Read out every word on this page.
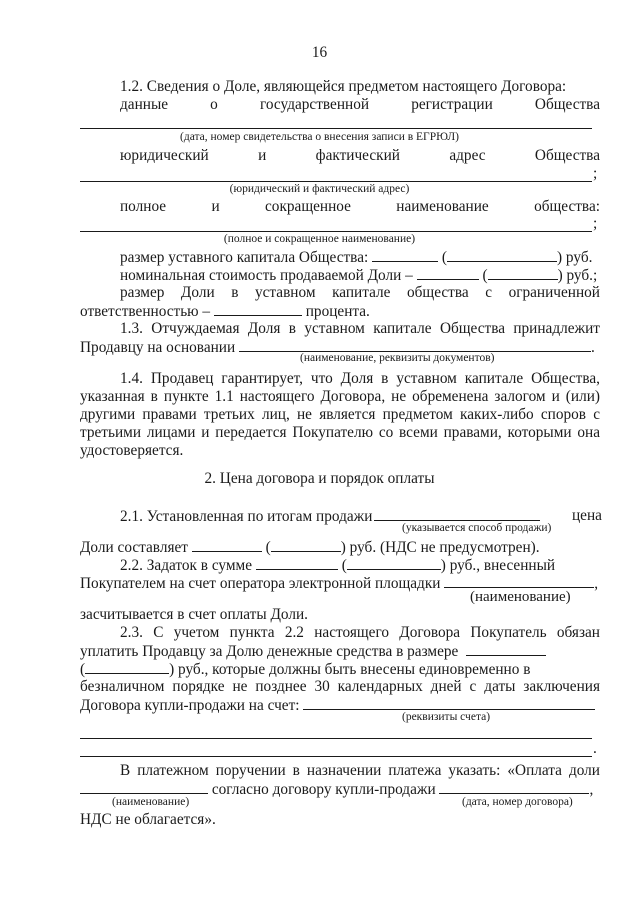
16
1.2. Сведения о Доле, являющейся предметом настоящего Договора:
данные о государственной регистрации Общества
(дата, номер свидетельства о внесения записи в ЕГРЮЛ)
юридический и фактический адрес Общества
;
(юридический и фактический адрес)
полное и сокращенное наименование общества:
;
(полное и сокращенное наименование)
размер уставного капитала Общества:	(	) руб.
номинальная стоимость продаваемой Доли –	(	) руб.;
размер Доли в уставном капитале общества с ограниченной
ответственностью –	процента.
1.3. Отчуждаемая Доля в уставном капитале Общества принадлежит
Продавцу на основании	.
(наименование, реквизиты документов)
1.4. Продавец гарантирует, что Доля в уставном капитале Общества,
указанная в пункте 1.1 настоящего Договора, не обременена залогом и (или)
другими правами третьих лиц, не является предметом каких-либо споров с
третьими лицами и передается Покупателю со всеми правами, которыми она
удостоверяется.
2. Цена договора и порядок оплаты
2.1. Установленная по итогам продажи	цена
(указывается способ продажи)
Доли составляет	(	) руб. (НДС не предусмотрен).
2.2. Задаток в сумме	(	) руб., внесенный
Покупателем на счет оператора электронной площадки	,
(наименование)
засчитывается в счет оплаты Доли.
2.3. С учетом пункта 2.2 настоящего Договора Покупатель обязан
уплатить Продавцу за Долю денежные средства в размере
(	) руб., которые должны быть внесены единовременно в
безналичном порядке не позднее 30 календарных дней с даты заключения
Договора купли-продажи на счет:
(реквизиты счета)
.
В платежном поручении в назначении платежа указать: «Оплата доли
согласно договору купли-продажи	,
(наименование)	(дата, номер договора)
НДС не облагается».
